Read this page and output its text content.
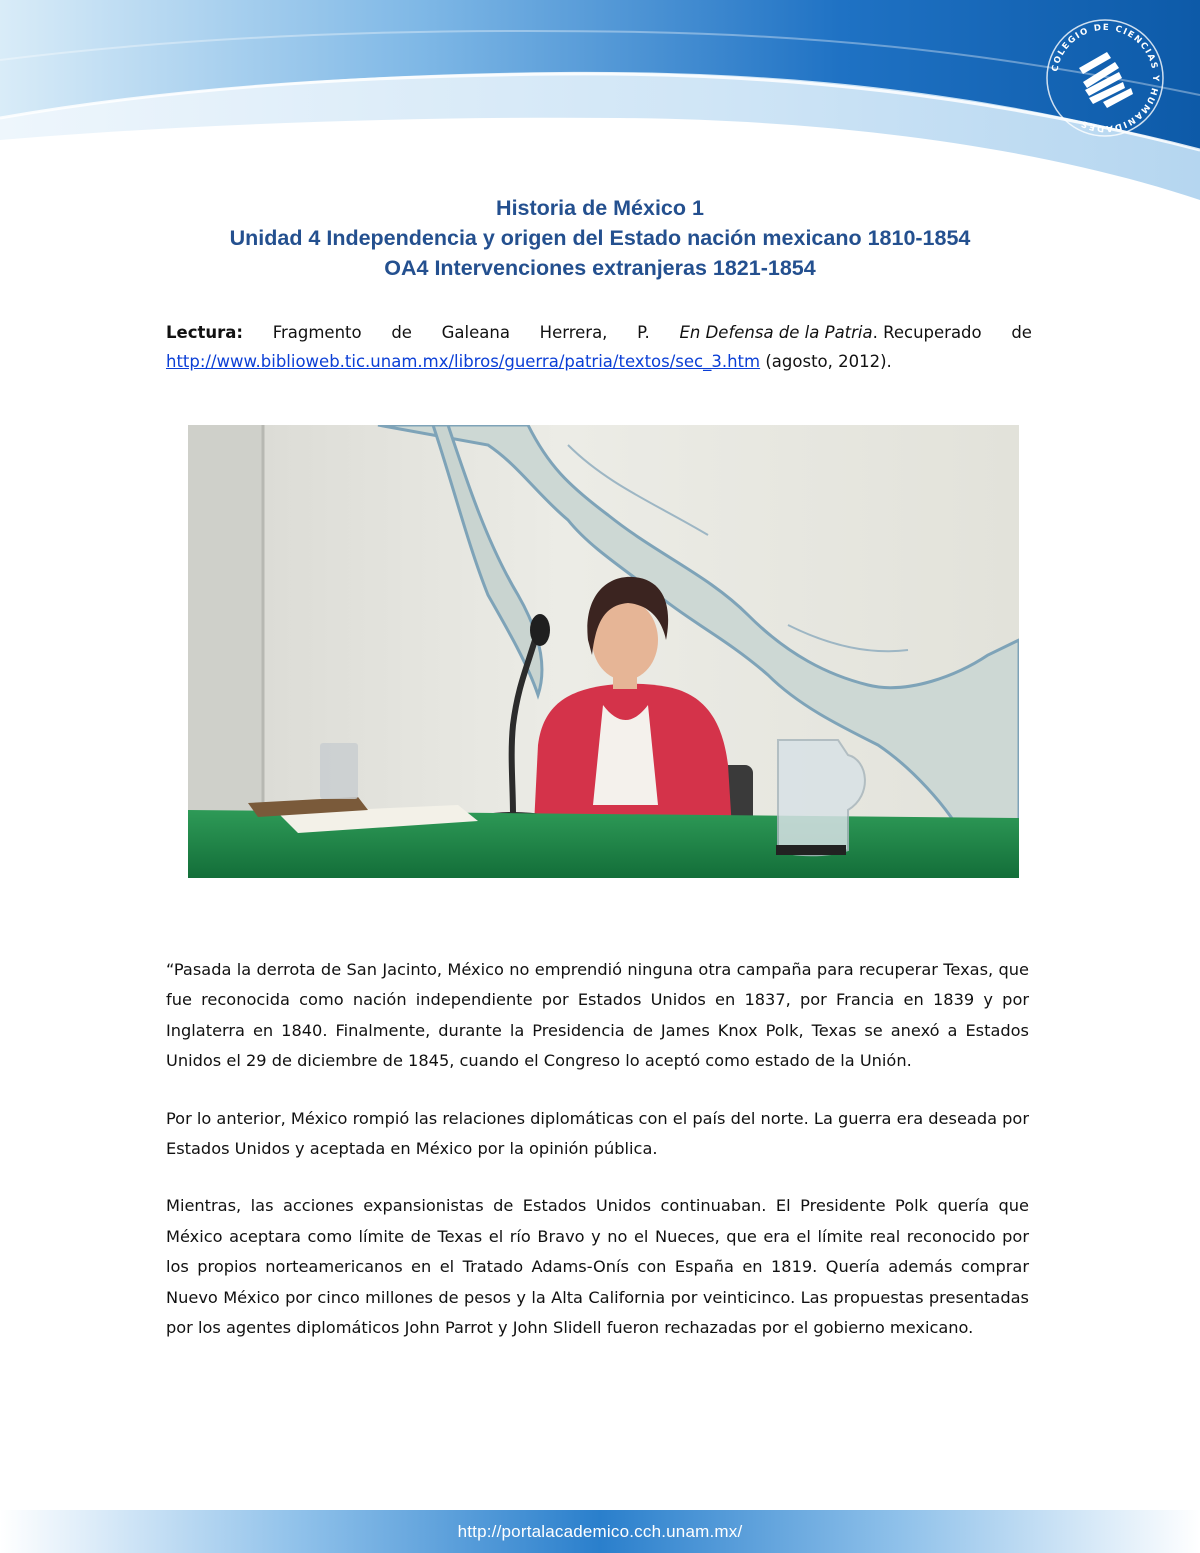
COLEGIO DE CIENCIAS Y HUMANIDADES
Historia de México 1
Unidad 4 Independencia y origen del Estado nación mexicano 1810-1854
OA4 Intervenciones extranjeras 1821-1854
Lectura: Fragmento de Galeana Herrera, P. En Defensa de la Patria. Recuperado de
http://www.biblioweb.tic.unam.mx/libros/guerra/patria/textos/sec_3.htm (agosto, 2012).

“Pasada la derrota de San Jacinto, México no emprendió ninguna otra campaña para recuperar Texas, que fue reconocida como nación independiente por Estados Unidos en 1837, por Francia en 1839 y por Inglaterra en 1840. Finalmente, durante la Presidencia de James Knox Polk, Texas se anexó a Estados Unidos el 29 de diciembre de 1845, cuando el Congreso lo aceptó como estado de la Unión.

Por lo anterior, México rompió las relaciones diplomáticas con el país del norte. La guerra era deseada por Estados Unidos y aceptada en México por la opinión pública.

Mientras, las acciones expansionistas de Estados Unidos continuaban. El Presidente Polk quería que México aceptara como límite de Texas el río Bravo y no el Nueces, que era el límite real reconocido por los propios norteamericanos en el Tratado Adams-Onís con España en 1819. Quería además comprar Nuevo México por cinco millones de pesos y la Alta California por veinticinco. Las propuestas presentadas por los agentes diplomáticos John Parrot y John Slidell fueron rechazadas por el gobierno mexicano.

http://portalacademico.cch.unam.mx/
